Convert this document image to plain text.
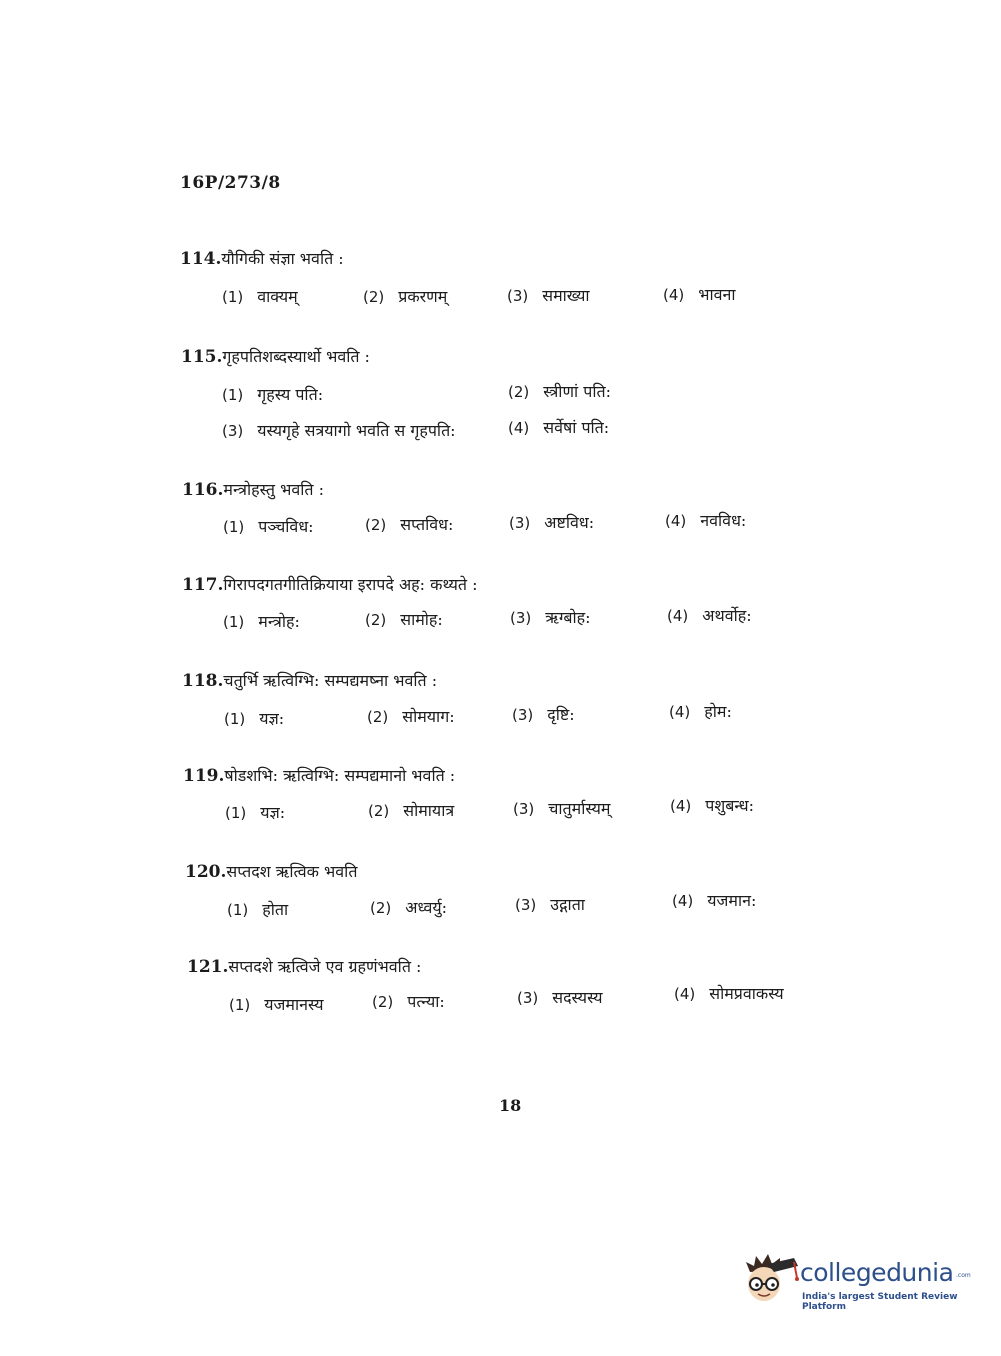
16P/273/8
114.यौगिकी संज्ञा भवति :
(1) वाक्यम्	(2) प्रकरणम्	(3) समाख्या	(4) भावना
115.गृहपतिशब्दस्यार्थो भवति :
(1) गृहस्य पति:	(2) स्त्रीणां पति:
(3) यस्यगृहे सत्रयागो भवति स गृहपति:	(4) सर्वेषां पति:
116.मन्त्रोहस्तु भवति :
(1) पञ्चविध:	(2) सप्तविध:	(3) अष्टविध:	(4) नवविध:
117.गिरापदगतगीतिक्रियाया इरापदे अह: कथ्यते :
(1) मन्त्रोह:	(2) सामोह:	(3) ऋग्बोह:	(4) अथर्वोह:
118.चतुर्भि ऋत्विग्भि: सम्पद्यमष्ना भवति :
(1) यज्ञ:	(2) सोमयाग:	(3) दृष्टि:	(4) होम:
119.षोडशभि: ऋत्विग्भि: सम्पद्यमानो भवति :
(1) यज्ञ:	(2) सोमायात्र	(3) चातुर्मास्यम्	(4) पशुबन्ध:
120.सप्तदश ऋत्विक भवति
(1) होता	(2) अध्वर्यु:	(3) उद्गाता	(4) यजमान:
121.सप्तदशे ऋत्विजे एव ग्रहणंभवति :
(1) यजमानस्य	(2) पत्न्या:	(3) सदस्यस्य	(4) सोमप्रवाकस्य
18
collegedunia .com
India's largest Student Review Platform
